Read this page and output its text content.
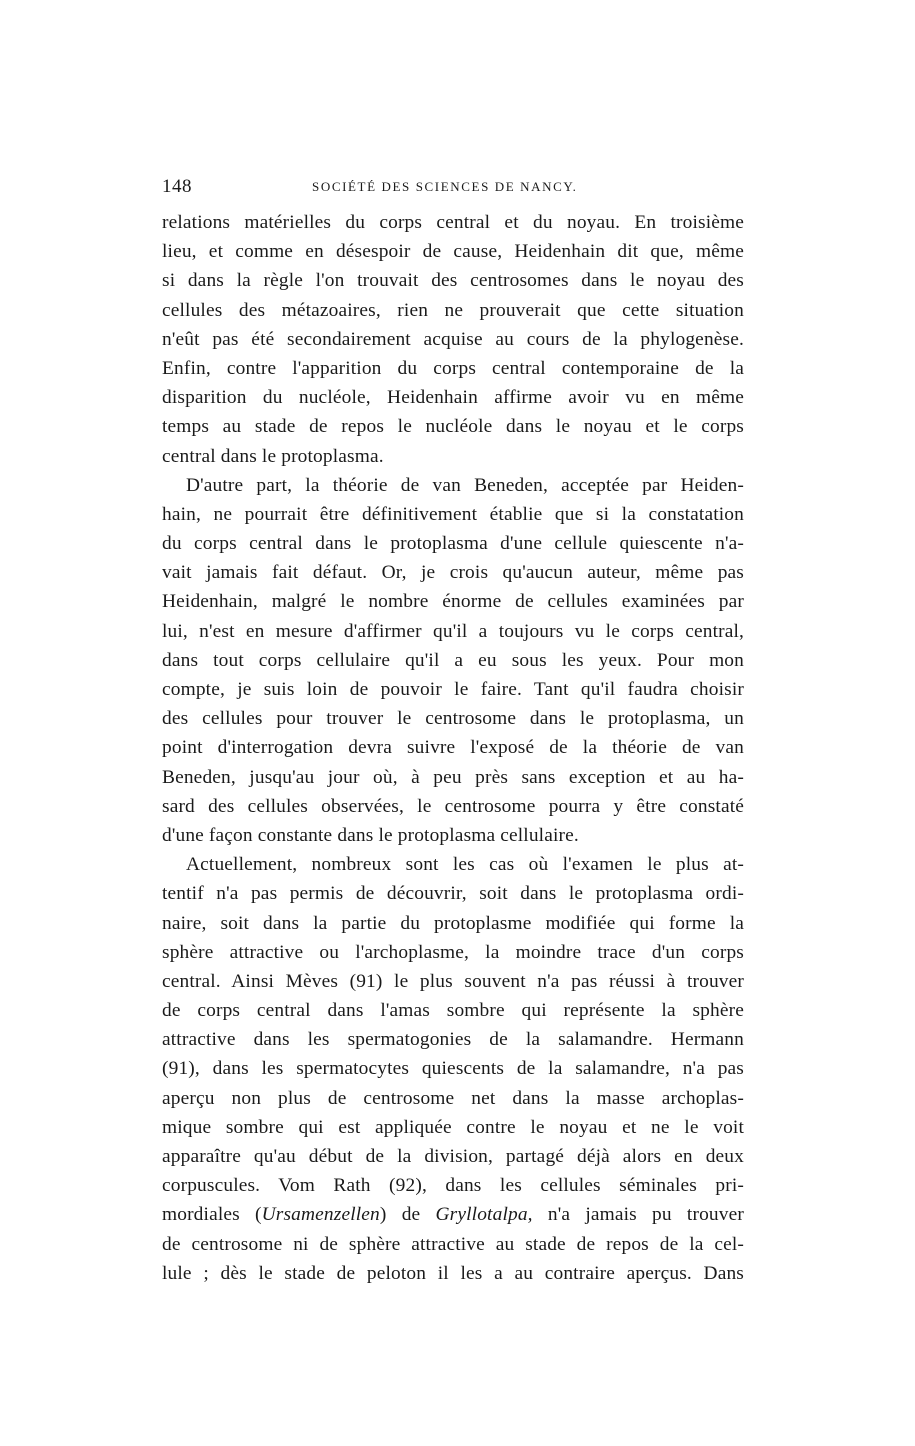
148	SOCIÉTÉ DES SCIENCES DE NANCY.
relations matérielles du corps central et du noyau. En troisième
lieu, et comme en désespoir de cause, Heidenhain dit que, même
si dans la règle l'on trouvait des centrosomes dans le noyau des
cellules des métazoaires, rien ne prouverait que cette situation
n'eût pas été secondairement acquise au cours de la phylogenèse.
Enfin, contre l'apparition du corps central contemporaine de la
disparition du nucléole, Heidenhain affirme avoir vu en même
temps au stade de repos le nucléole dans le noyau et le corps
central dans le protoplasma.
D'autre part, la théorie de van Beneden, acceptée par Heiden-
hain, ne pourrait être définitivement établie que si la constatation
du corps central dans le protoplasma d'une cellule quiescente n'a-
vait jamais fait défaut. Or, je crois qu'aucun auteur, même pas
Heidenhain, malgré le nombre énorme de cellules examinées par
lui, n'est en mesure d'affirmer qu'il a toujours vu le corps central,
dans tout corps cellulaire qu'il a eu sous les yeux. Pour mon
compte, je suis loin de pouvoir le faire. Tant qu'il faudra choisir
des cellules pour trouver le centrosome dans le protoplasma, un
point d'interrogation devra suivre l'exposé de la théorie de van
Beneden, jusqu'au jour où, à peu près sans exception et au ha-
sard des cellules observées, le centrosome pourra y être constaté
d'une façon constante dans le protoplasma cellulaire.
Actuellement, nombreux sont les cas où l'examen le plus at-
tentif n'a pas permis de découvrir, soit dans le protoplasma ordi-
naire, soit dans la partie du protoplasme modifiée qui forme la
sphère attractive ou l'archoplasme, la moindre trace d'un corps
central. Ainsi Mèves (91) le plus souvent n'a pas réussi à trouver
de corps central dans l'amas sombre qui représente la sphère
attractive dans les spermatogonies de la salamandre. Hermann
(91), dans les spermatocytes quiescents de la salamandre, n'a pas
aperçu non plus de centrosome net dans la masse archoplas-
mique sombre qui est appliquée contre le noyau et ne le voit
apparaître qu'au début de la division, partagé déjà alors en deux
corpuscules. Vom Rath (92), dans les cellules séminales pri-
mordiales (Ursamenzellen) de Gryllotalpa, n'a jamais pu trouver
de centrosome ni de sphère attractive au stade de repos de la cel-
lule ; dès le stade de peloton il les a au contraire aperçus. Dans
